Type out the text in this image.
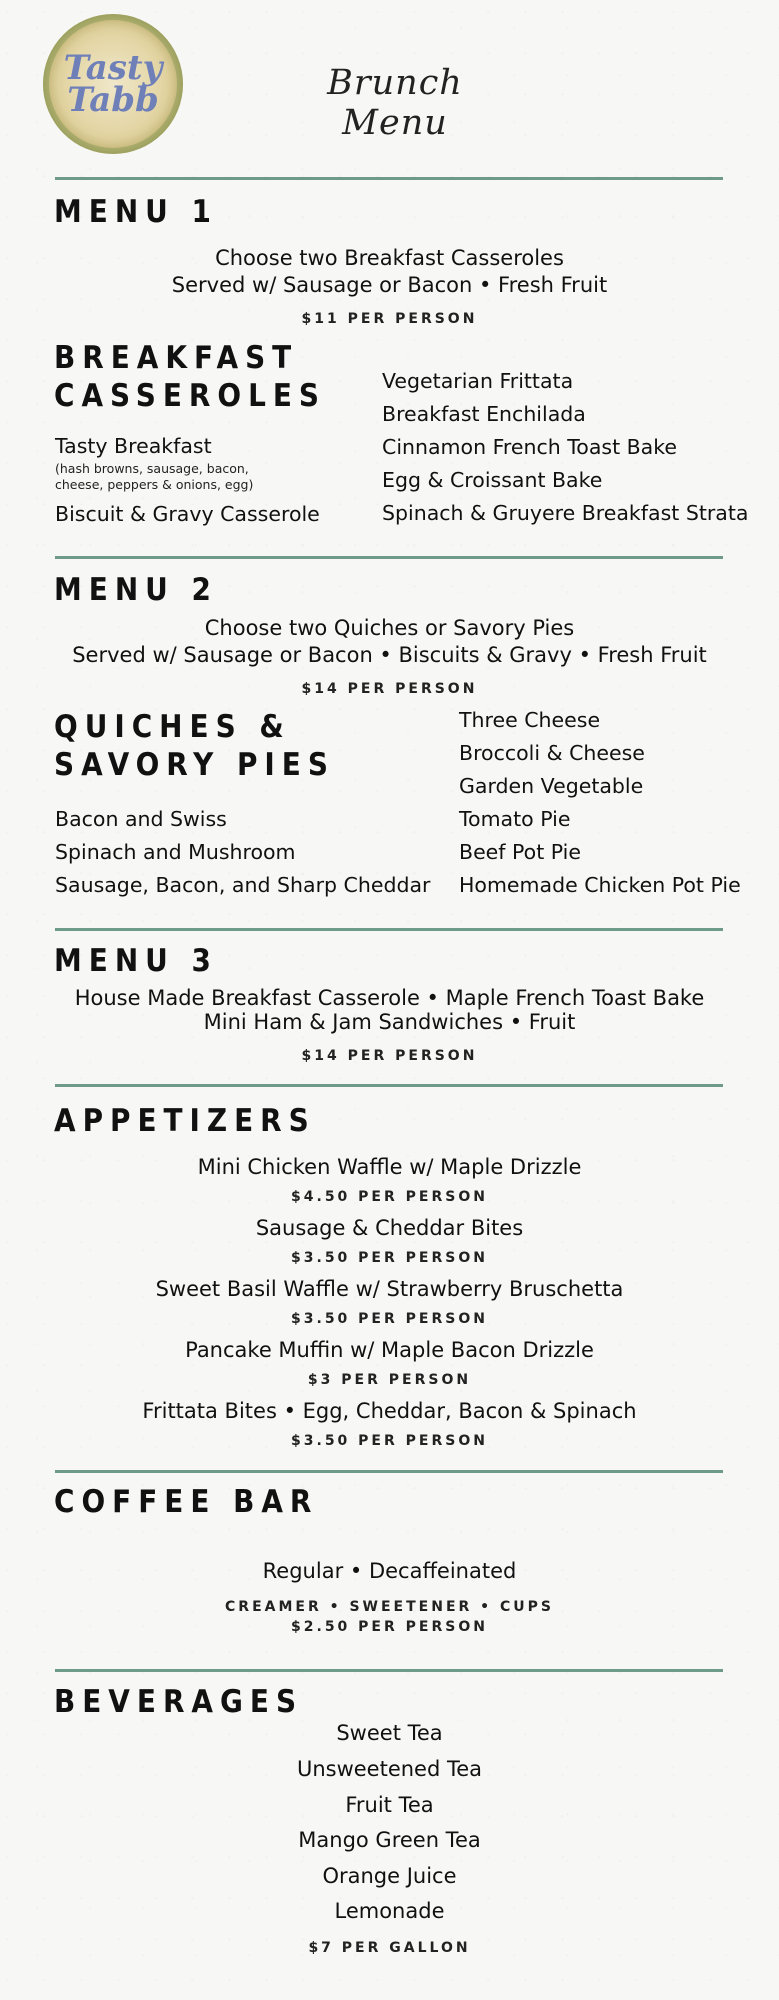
Tasty
Tabb	Brunch Menu
MENU 1
Choose two Breakfast Casseroles
Served w/ Sausage or Bacon • Fresh Fruit
$11 PER PERSON
BREAKFAST
CASSEROLES
Tasty Breakfast
(hash browns, sausage, bacon, cheese, peppers & onions, egg)
Biscuit & Gravy Casserole
Vegetarian Frittata
Breakfast Enchilada
Cinnamon French Toast Bake
Egg & Croissant Bake
Spinach & Gruyere Breakfast Strata
MENU 2
Choose two Quiches or Savory Pies
Served w/ Sausage or Bacon • Biscuits & Gravy • Fresh Fruit
$14 PER PERSON
QUICHES &
SAVORY PIES
Bacon and Swiss
Spinach and Mushroom
Sausage, Bacon, and Sharp Cheddar
Three Cheese
Broccoli & Cheese
Garden Vegetable
Tomato Pie
Beef Pot Pie
Homemade Chicken Pot Pie
MENU 3
House Made Breakfast Casserole • Maple French Toast Bake
Mini Ham & Jam Sandwiches • Fruit
$14 PER PERSON
APPETIZERS
Mini Chicken Waffle w/ Maple Drizzle
$4.50 PER PERSON
Sausage & Cheddar Bites
$3.50 PER PERSON
Sweet Basil Waffle w/ Strawberry Bruschetta
$3.50 PER PERSON
Pancake Muffin w/ Maple Bacon Drizzle
$3 PER PERSON
Frittata Bites • Egg, Cheddar, Bacon & Spinach
$3.50 PER PERSON
COFFEE BAR
Regular • Decaffeinated
CREAMER • SWEETENER • CUPS
$2.50 PER PERSON
BEVERAGES
Sweet Tea
Unsweetened Tea
Fruit Tea
Mango Green Tea
Orange Juice
Lemonade
$7 PER GALLON
